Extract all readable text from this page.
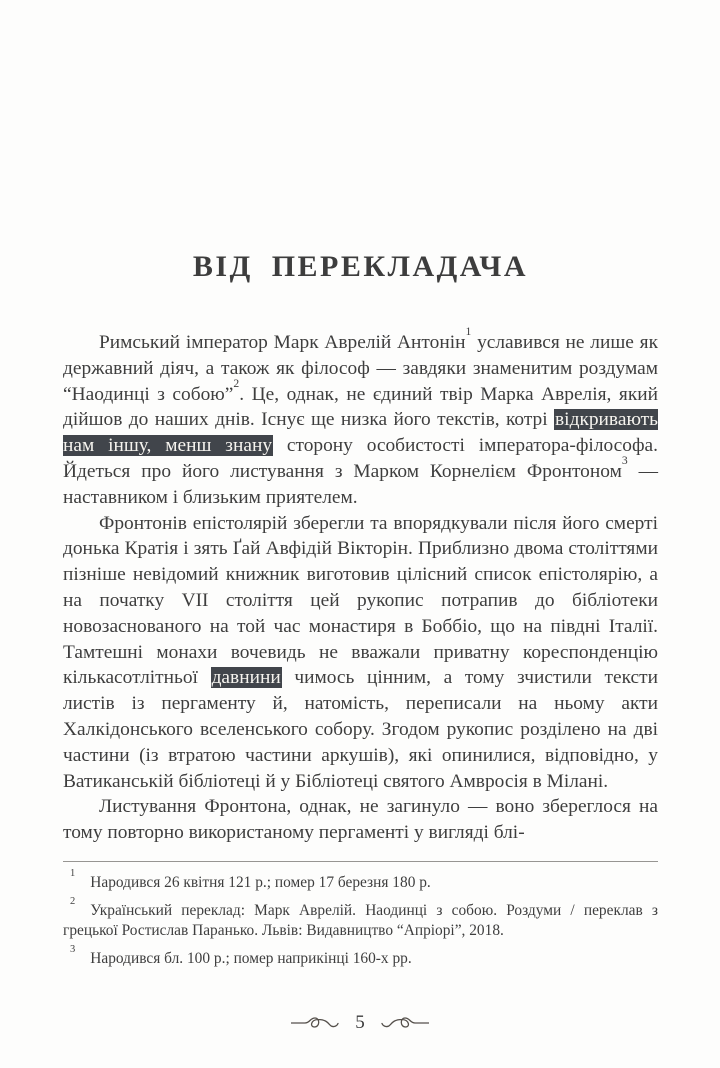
ВІД ПЕРЕКЛАДАЧА

Римський імператор Марк Аврелій Антонін$^1$ уславився не лише як державний діяч, а також як філософ — завдяки знаменитим роздумам “Наодинці з собою”$^2$. Це, однак, не єдиний твір Марка Аврелія, який дійшов до наших днів. Існує ще низка його текстів, котрі відкривають нам іншу, менш знану сторону особистості імператора-філософа. Йдеться про його листування з Марком Корнелієм Фронтоном$^3$ — наставником і близьким приятелем.

Фронтонів епістолярій зберегли та впорядкували після його смерті донька Кратія і зять Ґай Авфідій Вікторін. Приблизно двома століттями пізніше невідомий книжник виготовив цілісний список епістолярію, а на початку VII століття цей рукопис потрапив до бібліотеки новозаснованого на той час монастиря в Боббіо, що на півдні Італії. Тамтешні монахи вочевидь не вважали приватну кореспонденцію кількасотлітньої давнини чимось цінним, а тому зчистили тексти листів із пергаменту й, натомість, переписали на ньому акти Халкідонського вселенського собору. Згодом рукопис розділено на дві частини (із втратою частини аркушів), які опинилися, відповідно, у Ватиканській бібліотеці й у Бібліотеці святого Амвросія в Мілані.

Листування Фронтона, однак, не загинуло — воно збереглося на тому повторно використаному пергаменті у вигляді блі-

$^1$Народився 26 квітня 121 р.; помер 17 березня 180 р.

$^2$Український переклад: Марк Аврелій. Наодинці з собою. Роздуми / переклав з грецької Ростислав Паранько. Львів: Видавництво “Апріорі”, 2018.

$^3$Народився бл. 100 р.; помер наприкінці 160-х рр.

5
